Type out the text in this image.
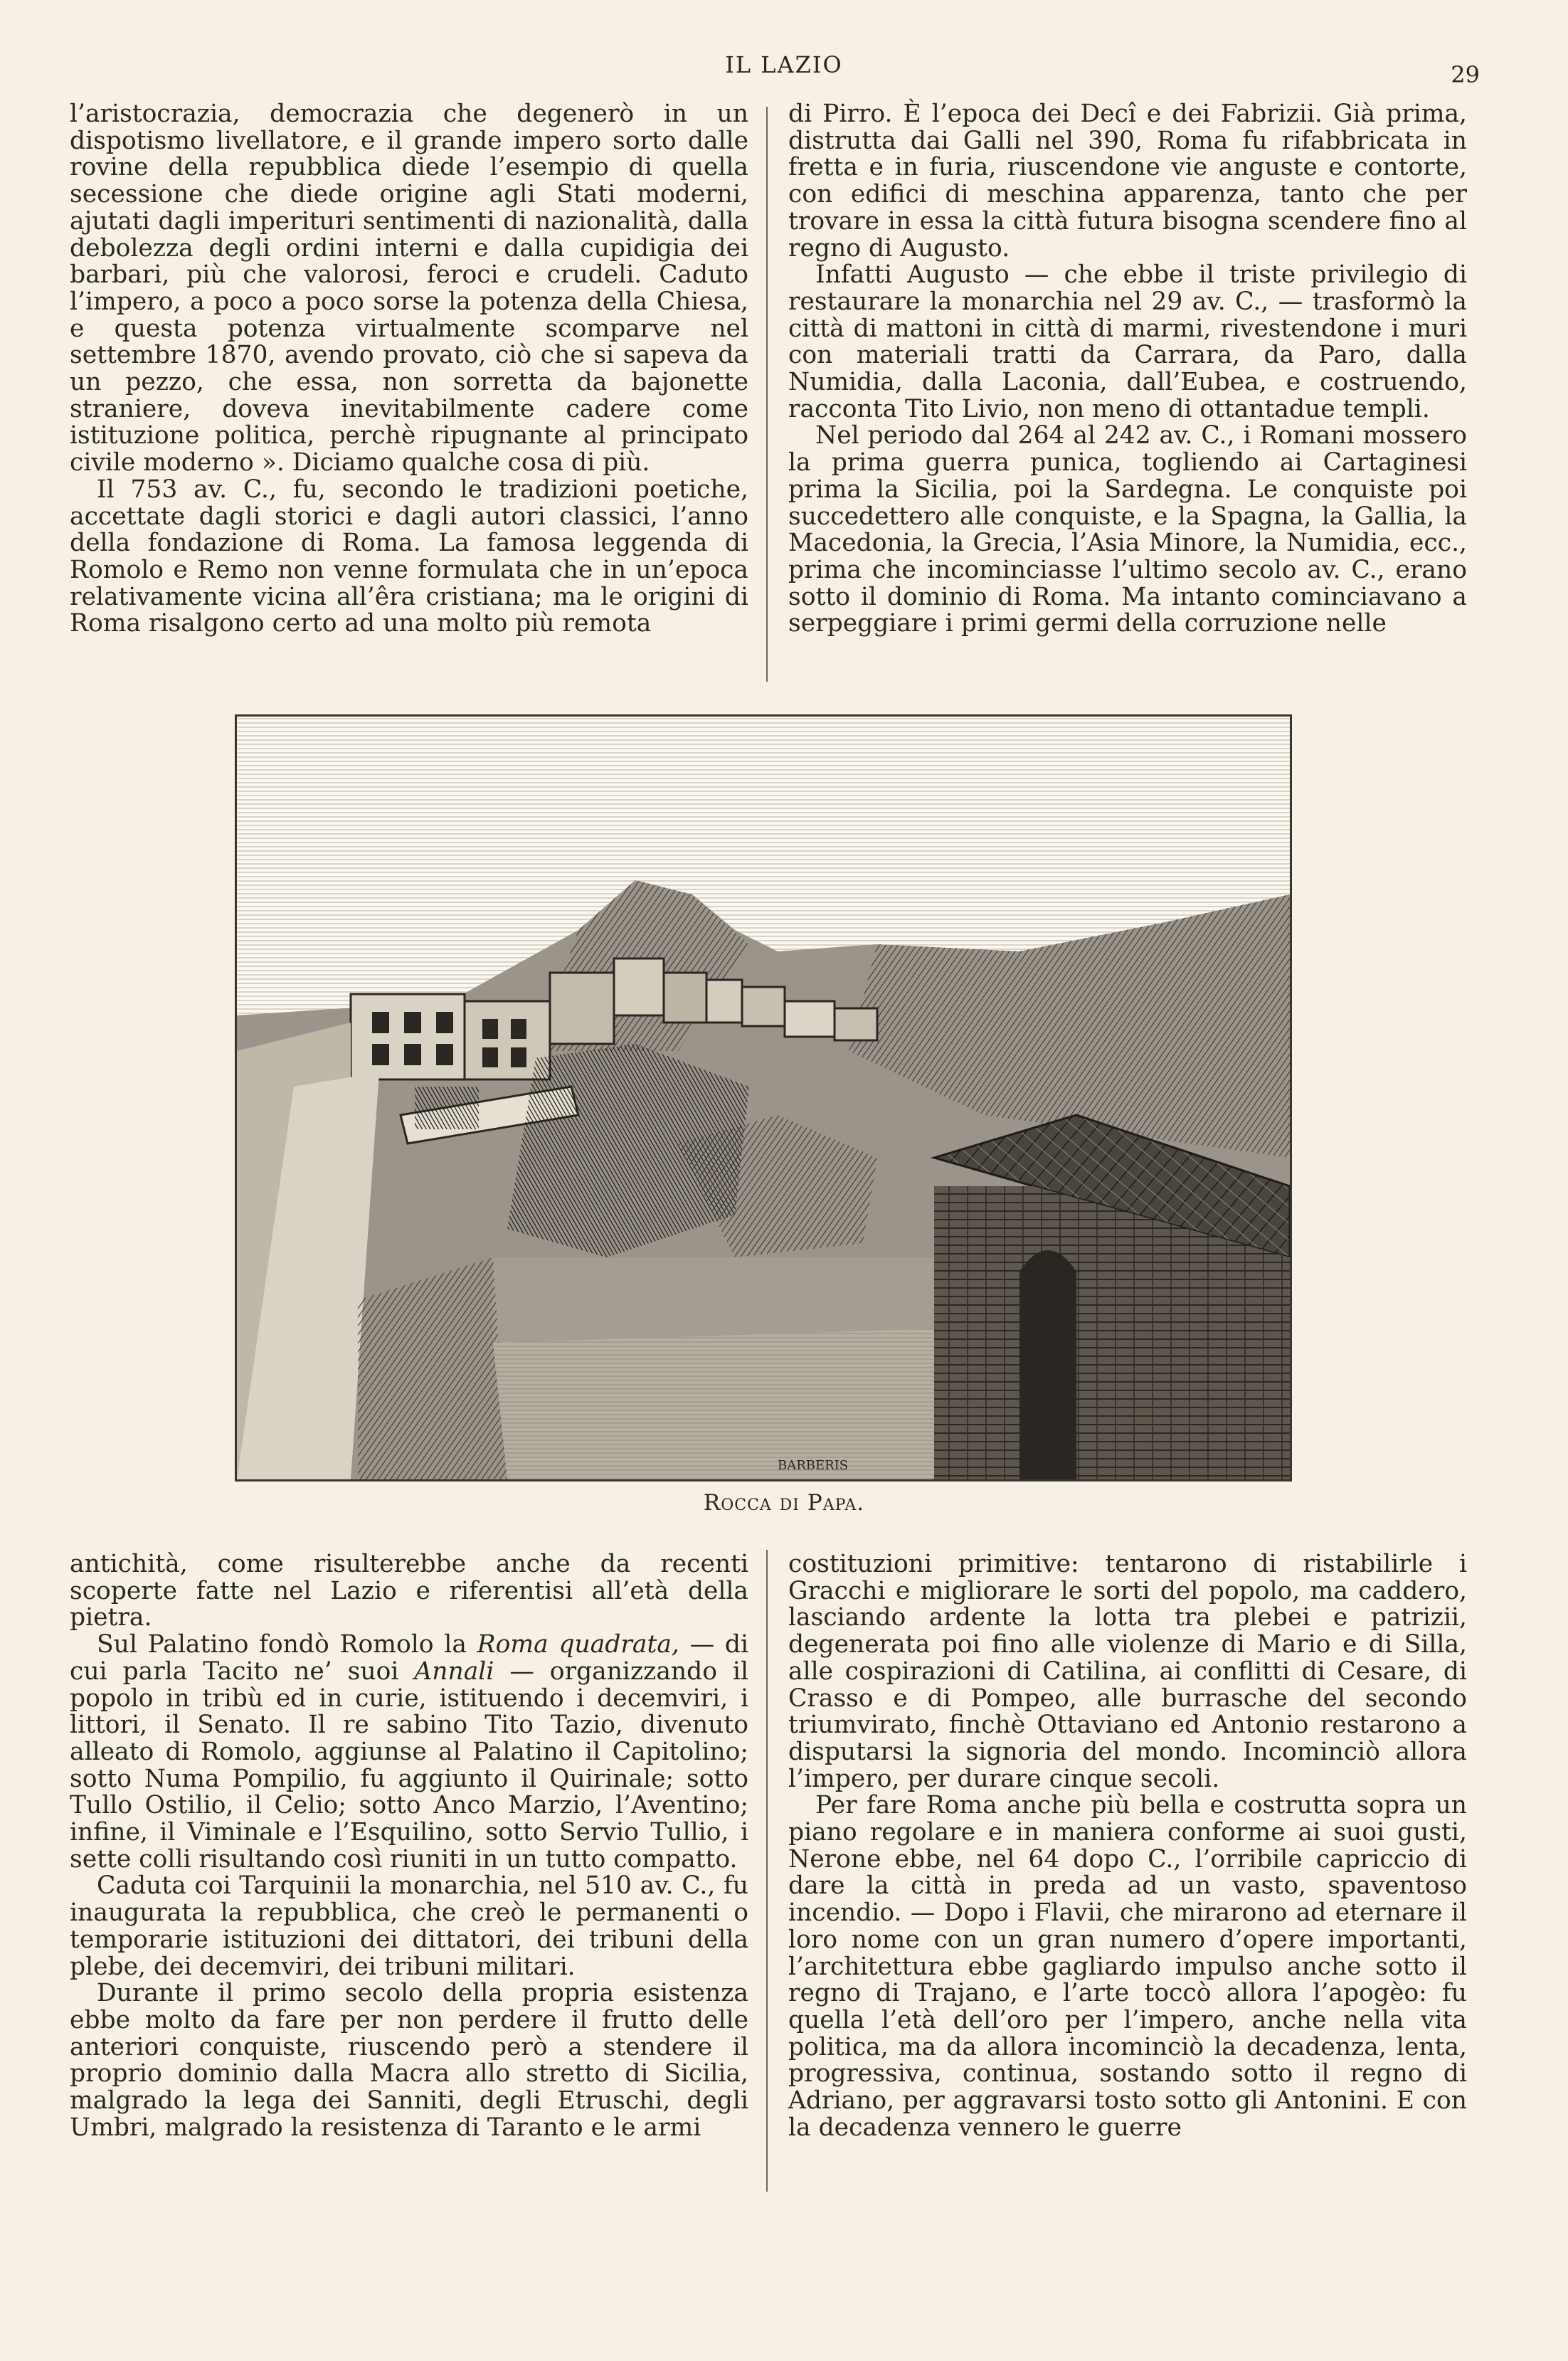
IL LAZIO	29

l’aristocrazia, democrazia che degenerò in un dispotismo livellatore, e il grande impero sorto dalle rovine della repubblica diede l’esempio di quella secessione che diede origine agli Stati moderni, ajutati dagli imperituri sentimenti di nazionalità, dalla debolezza degli ordini interni e dalla cupidigia dei barbari, più che valorosi, feroci e crudeli. Caduto l’impero, a poco a poco sorse la potenza della Chiesa, e questa potenza virtualmente scomparve nel settembre 1870, avendo provato, ciò che si sapeva da un pezzo, che essa, non sorretta da bajonette straniere, doveva inevitabilmente cadere come istituzione politica, perchè ripugnante al principato civile moderno ». Diciamo qualche cosa di più.

Il 753 av. C., fu, secondo le tradizioni poetiche, accettate dagli storici e dagli autori classici, l’anno della fondazione di Roma. La famosa leggenda di Romolo e Remo non venne formulata che in un’epoca relativamente vicina all’êra cristiana; ma le origini di Roma risalgono certo ad una molto più remota

di Pirro. È l’epoca dei Decî e dei Fabrizii. Già prima, distrutta dai Galli nel 390, Roma fu rifabbricata in fretta e in furia, riuscendone vie anguste e contorte, con edifici di meschina apparenza, tanto che per trovare in essa la città futura bisogna scendere fino al regno di Augusto.

Infatti Augusto — che ebbe il triste privilegio di restaurare la monarchia nel 29 av. C., — trasformò la città di mattoni in città di marmi, rivestendone i muri con materiali tratti da Carrara, da Paro, dalla Numidia, dalla Laconia, dall’Eubea, e costruendo, racconta Tito Livio, non meno di ottantadue templi.

Nel periodo dal 264 al 242 av. C., i Romani mossero la prima guerra punica, togliendo ai Cartaginesi prima la Sicilia, poi la Sardegna. Le conquiste poi succedettero alle conquiste, e la Spagna, la Gallia, la Macedonia, la Grecia, l’Asia Minore, la Numidia, ecc., prima che incominciasse l’ultimo secolo av. C., erano sotto il dominio di Roma. Ma intanto cominciavano a serpeggiare i primi germi della corruzione nelle

BARBERIS
Rocca di Papa.

antichità, come risulterebbe anche da recenti scoperte fatte nel Lazio e riferentisi all’età della pietra.

Sul Palatino fondò Romolo la Roma quadrata, — di cui parla Tacito ne’ suoi Annali — organizzando il popolo in tribù ed in curie, istituendo i decemviri, i littori, il Senato. Il re sabino Tito Tazio, divenuto alleato di Romolo, aggiunse al Palatino il Capitolino; sotto Numa Pompilio, fu aggiunto il Quirinale; sotto Tullo Ostilio, il Celio; sotto Anco Marzio, l’Aventino; infine, il Viminale e l’Esquilino, sotto Servio Tullio, i sette colli risultando così riuniti in un tutto compatto.

Caduta coi Tarquinii la monarchia, nel 510 av. C., fu inaugurata la repubblica, che creò le permanenti o temporarie istituzioni dei dittatori, dei tribuni della plebe, dei decemviri, dei tribuni militari.

Durante il primo secolo della propria esistenza ebbe molto da fare per non perdere il frutto delle anteriori conquiste, riuscendo però a stendere il proprio dominio dalla Macra allo stretto di Sicilia, malgrado la lega dei Sanniti, degli Etruschi, degli Umbri, malgrado la resistenza di Taranto e le armi

costituzioni primitive: tentarono di ristabilirle i Gracchi e migliorare le sorti del popolo, ma caddero, lasciando ardente la lotta tra plebei e patrizii, degenerata poi fino alle violenze di Mario e di Silla, alle cospirazioni di Catilina, ai conflitti di Cesare, di Crasso e di Pompeo, alle burrasche del secondo triumvirato, finchè Ottaviano ed Antonio restarono a disputarsi la signoria del mondo. Incominciò allora l’impero, per durare cinque secoli.

Per fare Roma anche più bella e costrutta sopra un piano regolare e in maniera conforme ai suoi gusti, Nerone ebbe, nel 64 dopo C., l’orribile capriccio di dare la città in preda ad un vasto, spaventoso incendio. — Dopo i Flavii, che mirarono ad eternare il loro nome con un gran numero d’opere importanti, l’architettura ebbe gagliardo impulso anche sotto il regno di Trajano, e l’arte toccò allora l’apogèo: fu quella l’età dell’oro per l’impero, anche nella vita politica, ma da allora incominciò la decadenza, lenta, progressiva, continua, sostando sotto il regno di Adriano, per aggravarsi tosto sotto gli Antonini. E con la decadenza vennero le guerre
